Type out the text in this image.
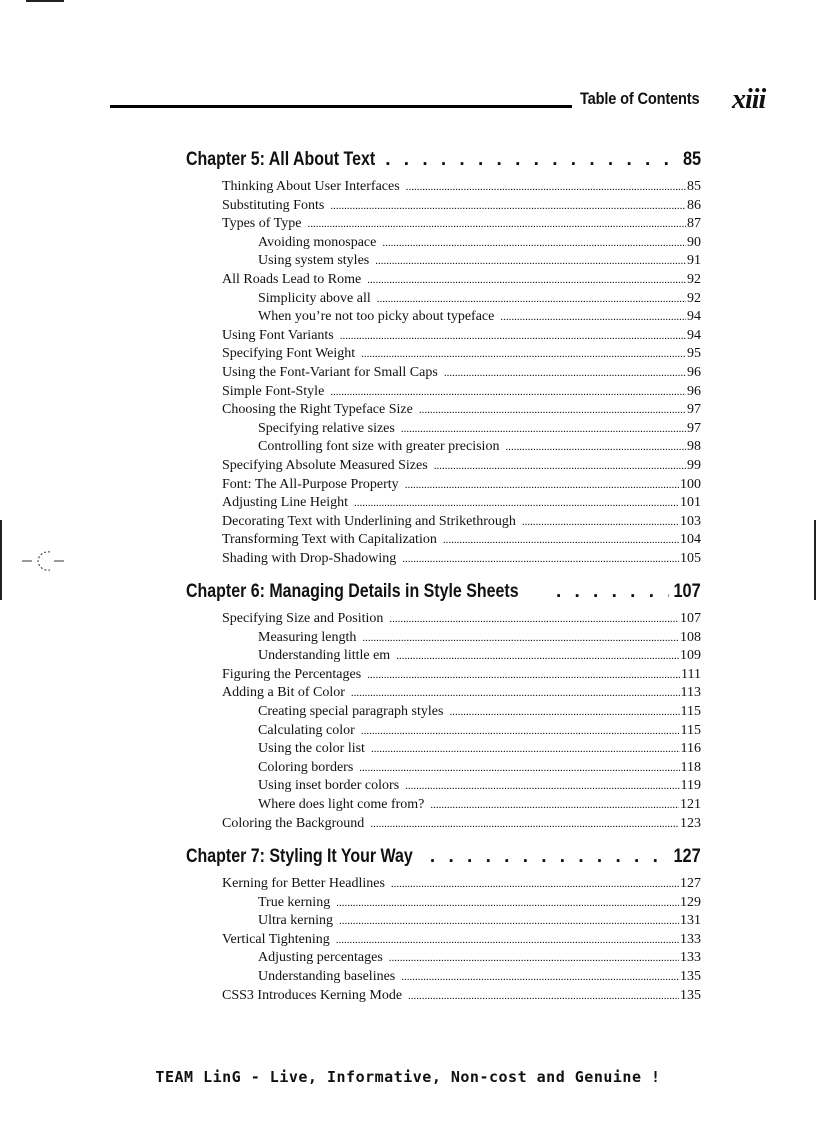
Table of Contents xiii
Chapter 5: All About Text . . .	85
Thinking About User Interfaces .....	85
Substituting Fonts .....	86
Types of Type .....	87
Avoiding monospace .....	90
Using system styles .....	91
All Roads Lead to Rome .....	92
Simplicity above all .....	92
When you’re not too picky about typeface .....	94
Using Font Variants .....	94
Specifying Font Weight .....	95
Using the Font-Variant for Small Caps .....	96
Simple Font-Style .....	96
Choosing the Right Typeface Size .....	97
Specifying relative sizes .....	97
Controlling font size with greater precision .....	98
Specifying Absolute Measured Sizes .....	99
Font: The All-Purpose Property .....	100
Adjusting Line Height .....	101
Decorating Text with Underlining and Strikethrough .....	103
Transforming Text with Capitalization .....	104
Shading with Drop-Shadowing .....	105
Chapter 6: Managing Details in Style Sheets . . .	107
Specifying Size and Position .....	107
Measuring length .....	108
Understanding little em .....	109
Figuring the Percentages .....	111
Adding a Bit of Color .....	113
Creating special paragraph styles .....	115
Calculating color .....	115
Using the color list .....	116
Coloring borders .....	118
Using inset border colors .....	119
Where does light come from? .....	121
Coloring the Background .....	123
Chapter 7: Styling It Your Way . . .	127
Kerning for Better Headlines .....	127
True kerning .....	129
Ultra kerning .....	131
Vertical Tightening .....	133
Adjusting percentages .....	133
Understanding baselines .....	135
CSS3 Introduces Kerning Mode .....	135
TEAM LinG - Live, Informative, Non-cost and Genuine !
